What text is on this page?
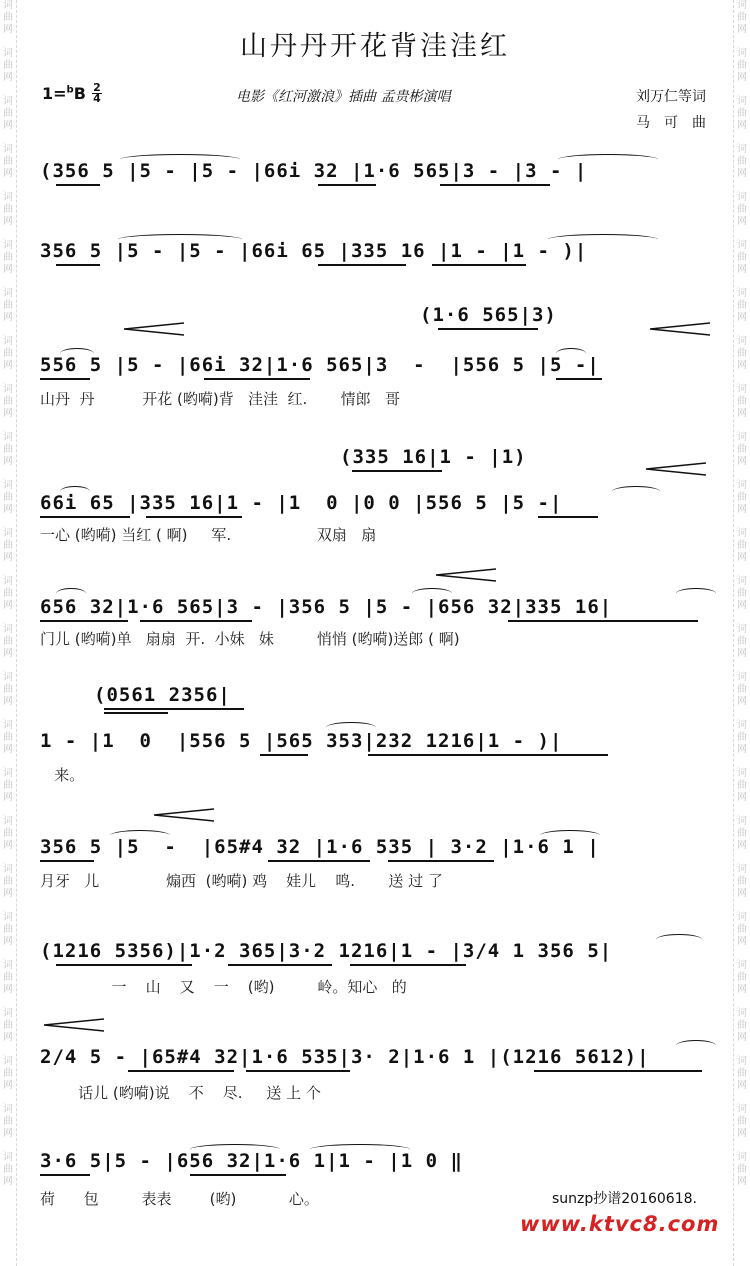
词
曲
网

词
曲
网

词
曲
网

词
曲
网

词
曲
网

词
曲
网

词
曲
网

词
曲
网

词
曲
网

词
曲
网

词
曲
网

词
曲
网

词
曲
网

词
曲
网

词
曲
网

词
曲
网

词
曲
网

词
曲
网

词
曲
网

词
曲
网

词
曲
网

词
曲
网

词
曲
网

词
曲
网

词
曲
网
词
曲
网

词
曲
网

词
曲
网

词
曲
网

词
曲
网

词
曲
网

词
曲
网

词
曲
网

词
曲
网

词
曲
网

词
曲
网

词
曲
网

词
曲
网

词
曲
网

词
曲
网

词
曲
网

词
曲
网

词
曲
网

词
曲
网

词
曲
网

词
曲
网

词
曲
网

词
曲
网

词
曲
网

词
曲
网
山丹丹开花背洼洼红
1=$^b$B 2
4	电影《红河激浪》插曲 孟贵彬演唱	刘万仁等词
马可曲
(356 5 |5 - |5 - |66i 32 |1·6 565|3 - |3 - |
356 5 |5 - |5 - |66i 65 |335 16 |1 - |1 - )|
(1·6 565|3)
556 5 |5 - |66i 32|1·6 565|3  -  |556 5 |5 -|
山丹  丹          开花 (哟嗬)背   洼洼  红.       情郎   哥
(335 16|1 - |1)
66i 65 |335 16|1 - |1  0 |0 0 |556 5 |5 -|
一心 (哟嗬) 当红 ( 啊)     军.                  双扇   扇
656 32|1·6 565|3 - |356 5 |5 - |656 32|335 16|
门儿 (哟嗬)单   扇扇  开.  小妹   妹         悄悄 (哟嗬)送郎 ( 啊)
(0561 2356|
1 - |1  0  |556 5 |565 353|232 1216|1 - )|
来。
356 5 |5  -  |65#4 32 |1·6 535 | 3·2 |1·6 1 |
月牙   儿              煽西  (哟嗬) 鸡    娃儿    鸣.       送 过 了
(1216 5356)|1·2 365|3·2 1216|1 - |3/4 1 356 5|
一    山    又    一    (哟)         岭。知心   的
2/4 5 - |65#4 32|1·6 535|3· 2|1·6 1 |(1216 5612)|
话儿 (哟嗬)说    不    尽.     送 上 个
3·6 5|5 - |656 32|1·6 1|1 - |1 0 ‖
荷      包         表表        (哟)           心。	sunzp抄谱20160618.
www.ktvc8.com
